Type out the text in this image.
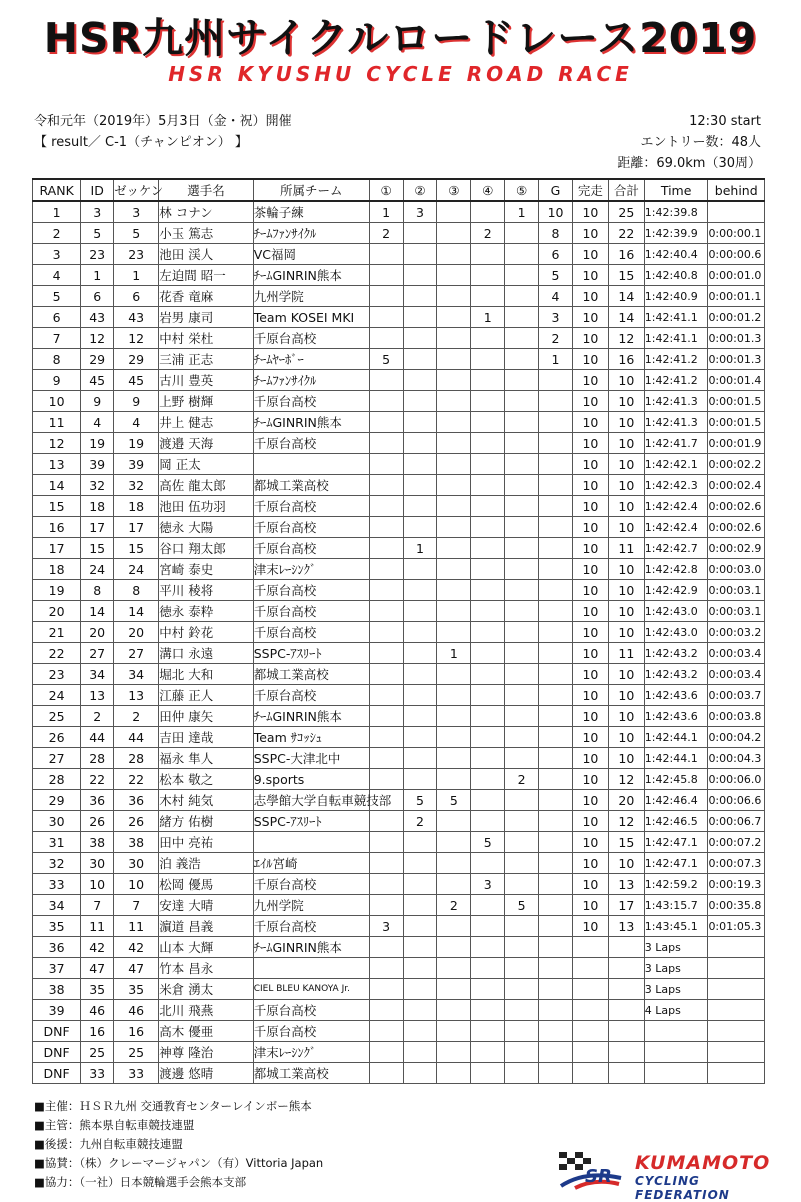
HSR九州サイクルロードレース2019
HSR KYUSHU CYCLE ROAD RACE
令和元年（2019年）5月3日（金・祝）開催	12:30 start
【 result／ C-1（チャンピオン） 】	エントリー数：48人
距離：69.0km（30周）
RANK	ID	ゼッケン	選手名	所属チーム	①	②	③	④	⑤	G	完走	合計	Time	behind
1	3	3	林 コナン	茶輪子練	1	3			1	10	10	25	1:42:39.8	
2	5	5	小玉 篤志	ﾁｰﾑﾌｧﾝｻｲｸﾙ	2			2		8	10	22	1:42:39.9	0:00:00.1
3	23	23	池田 渓人	VC福岡						6	10	16	1:42:40.4	0:00:00.6
4	1	1	左迫間 昭一	ﾁｰﾑGINRIN熊本						5	10	15	1:42:40.8	0:00:01.0
5	6	6	花香 竜麻	九州学院						4	10	14	1:42:40.9	0:00:01.1
6	43	43	岩男 康司	Team KOSEI MKI				1		3	10	14	1:42:41.1	0:00:01.2
7	12	12	中村 栄杜	千原台高校						2	10	12	1:42:41.1	0:00:01.3
8	29	29	三浦 正志	ﾁｰﾑﾔｰﾎﾞｰ	5					1	10	16	1:42:41.2	0:00:01.3
9	45	45	古川 豊英	ﾁｰﾑﾌｧﾝｻｲｸﾙ							10	10	1:42:41.2	0:00:01.4
10	9	9	上野 樹輝	千原台高校							10	10	1:42:41.3	0:00:01.5
11	4	4	井上 健志	ﾁｰﾑGINRIN熊本							10	10	1:42:41.3	0:00:01.5
12	19	19	渡邉 天海	千原台高校							10	10	1:42:41.7	0:00:01.9
13	39	39	岡 正太								10	10	1:42:42.1	0:00:02.2
14	32	32	高佐 龍太郎	都城工業高校							10	10	1:42:42.3	0:00:02.4
15	18	18	池田 伍功羽	千原台高校							10	10	1:42:42.4	0:00:02.6
16	17	17	徳永 大陽	千原台高校							10	10	1:42:42.4	0:00:02.6
17	15	15	谷口 翔太郎	千原台高校		1					10	11	1:42:42.7	0:00:02.9
18	24	24	宮崎 泰史	津末ﾚｰｼﾝｸﾞ							10	10	1:42:42.8	0:00:03.0
19	8	8	平川 稜将	千原台高校							10	10	1:42:42.9	0:00:03.1
20	14	14	徳永 泰粋	千原台高校							10	10	1:42:43.0	0:00:03.1
21	20	20	中村 鈴花	千原台高校							10	10	1:42:43.0	0:00:03.2
22	27	27	溝口 永遠	SSPC-ｱｽﾘｰﾄ			1				10	11	1:42:43.2	0:00:03.4
23	34	34	堀北 大和	都城工業高校							10	10	1:42:43.2	0:00:03.4
24	13	13	江藤 正人	千原台高校							10	10	1:42:43.6	0:00:03.7
25	2	2	田仲 康矢	ﾁｰﾑGINRIN熊本							10	10	1:42:43.6	0:00:03.8
26	44	44	吉田 達哉	Team ｻｺｯｼｭ							10	10	1:42:44.1	0:00:04.2
27	28	28	福永 隼人	SSPC-大津北中							10	10	1:42:44.1	0:00:04.3
28	22	22	松本 敬之	9.sports					2		10	12	1:42:45.8	0:00:06.0
29	36	36	木村 純気	志學館大学自転車競技部		5	5				10	20	1:42:46.4	0:00:06.6
30	26	26	緒方 佑樹	SSPC-ｱｽﾘｰﾄ		2					10	12	1:42:46.5	0:00:06.7
31	38	38	田中 亮祐					5			10	15	1:42:47.1	0:00:07.2
32	30	30	泊 義浩	ｴｲﾙ宮崎							10	10	1:42:47.1	0:00:07.3
33	10	10	松岡 優馬	千原台高校				3			10	13	1:42:59.2	0:00:19.3
34	7	7	安達 大晴	九州学院			2		5		10	17	1:43:15.7	0:00:35.8
35	11	11	濵道 昌義	千原台高校	3						10	13	1:43:45.1	0:01:05.3
36	42	42	山本 大輝	ﾁｰﾑGINRIN熊本									3 Laps	
37	47	47	竹本 昌永										3 Laps	
38	35	35	米倉 湧太	CIEL BLEU KANOYA Jr.									3 Laps	
39	46	46	北川 飛燕	千原台高校									4 Laps	
DNF	16	16	高木 優亜	千原台高校										
DNF	25	25	神尊 隆治	津末ﾚｰｼﾝｸﾞ										
DNF	33	33	渡邊 悠晴	都城工業高校										
■主催：ＨＳＲ九州 交通教育センターレインボー熊本
■主管：熊本県自転車競技連盟
■後援：九州自転車競技連盟
■協賛：（株）クレーマージャパン（有）Vittoria Japan
■協力：（一社）日本競輪選手会熊本支部	SR
KUMAMOTO
CYCLING FEDERATION
